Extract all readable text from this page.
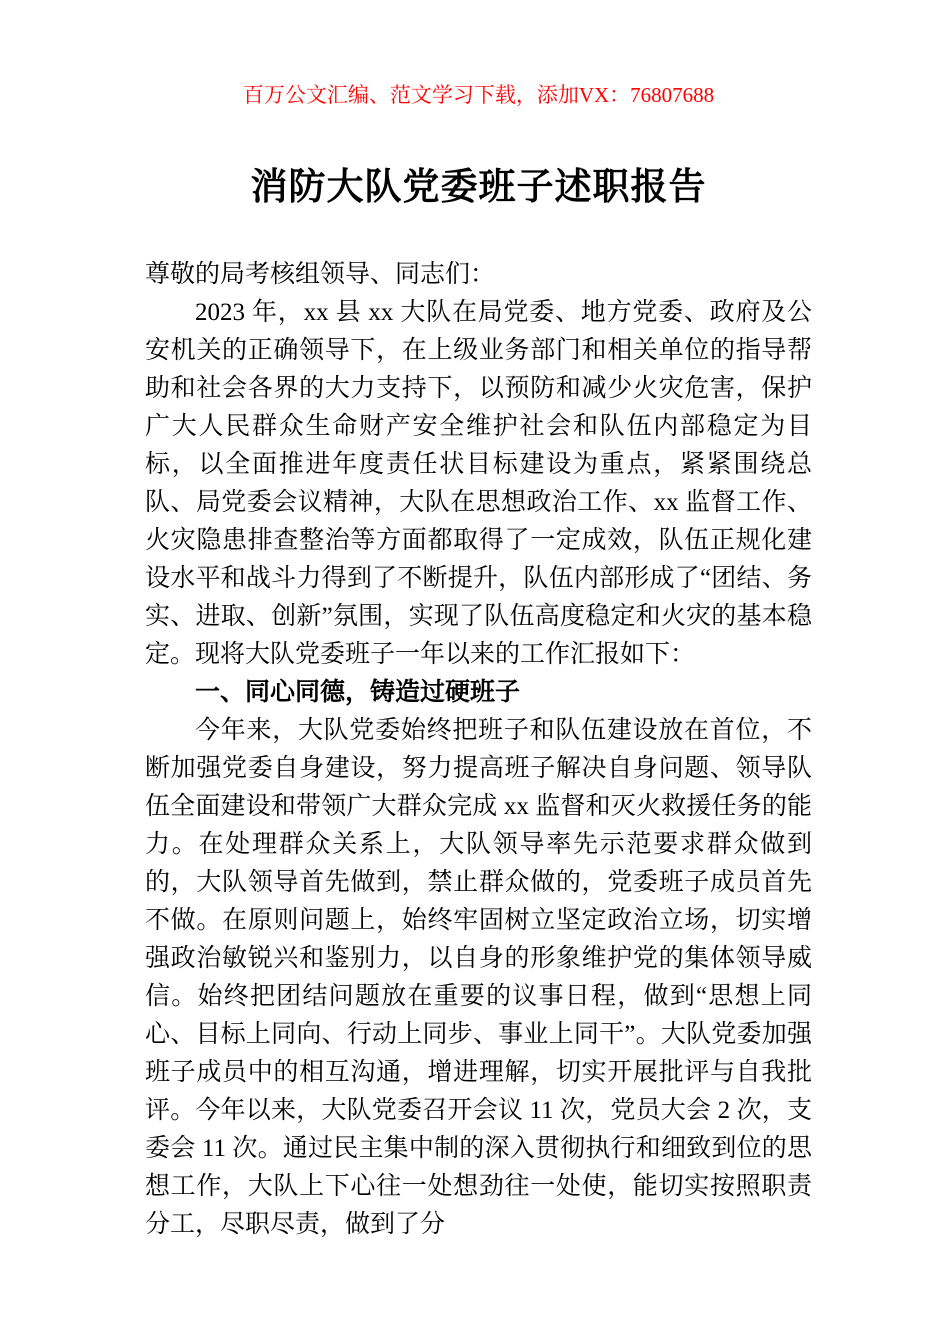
百万公文汇编、范文学习下载，添加VX：76807688

消防大队党委班子述职报告

尊敬的局考核组领导、同志们：

2023 年，xx 县 xx 大队在局党委、地方党委、政府及公安机关的正确领导下，在上级业务部门和相关单位的指导帮助和社会各界的大力支持下，以预防和减少火灾危害，保护广大人民群众生命财产安全维护社会和队伍内部稳定为目标，以全面推进年度责任状目标建设为重点，紧紧围绕总队、局党委会议精神，大队在思想政治工作、xx 监督工作、火灾隐患排查整治等方面都取得了一定成效，队伍正规化建设水平和战斗力得到了不断提升，队伍内部形成了“团结、务实、进取、创新”氛围，实现了队伍高度稳定和火灾的基本稳定。现将大队党委班子一年以来的工作汇报如下：

一、同心同德，铸造过硬班子

今年来，大队党委始终把班子和队伍建设放在首位，不断加强党委自身建设，努力提高班子解决自身问题、领导队伍全面建设和带领广大群众完成 xx 监督和灭火救援任务的能力。在处理群众关系上，大队领导率先示范要求群众做到的，大队领导首先做到，禁止群众做的，党委班子成员首先不做。在原则问题上，始终牢固树立坚定政治立场，切实增强政治敏锐兴和鉴别力，以自身的形象维护党的集体领导威信。始终把团结问题放在重要的议事日程，做到“思想上同心、目标上同向、行动上同步、事业上同干”。大队党委加强班子成员中的相互沟通，增进理解，切实开展批评与自我批评。今年以来，大队党委召开会议 11 次，党员大会 2 次，支委会 11 次。通过民主集中制的深入贯彻执行和细致到位的思想工作，大队上下心往一处想劲往一处使，能切实按照职责分工，尽职尽责，做到了分
